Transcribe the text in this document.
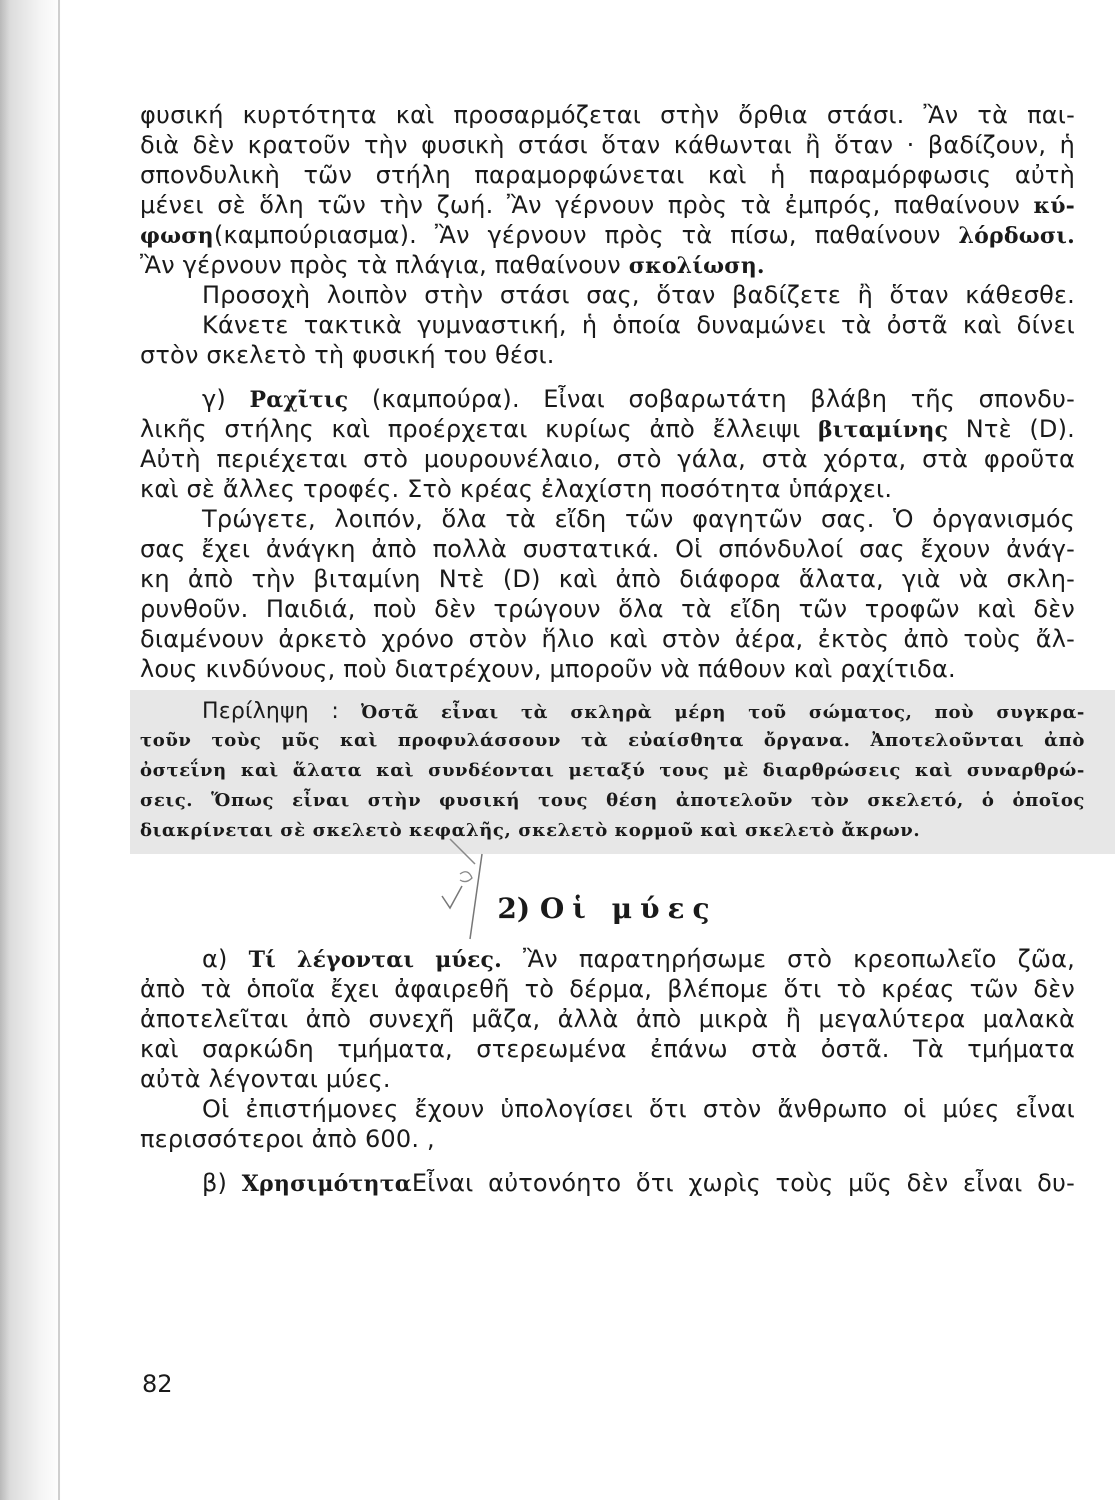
φυσική κυρτότητα καὶ προσαρμόζεται στὴν ὄρθια στάσι. Ἂν τὰ παι-
διὰ δὲν κρατοῦν τὴν φυσικὴ στάσι ὅταν κάθωνται ἢ ὅταν · βαδίζουν, ἡ
σπονδυλικὴ τῶν στήλη παραμορφώνεται καὶ ἡ παραμόρφωσις αὐτὴ
μένει σὲ ὅλη τῶν τὴν ζωή. Ἂν γέρνουν πρὸς τὰ ἐμπρός, παθαίνουν κύ-
φωση(καμπούριασμα). Ἂν γέρνουν πρὸς τὰ πίσω, παθαίνουν λόρδωσι.
Ἂν γέρνουν πρὸς τὰ πλάγια, παθαίνουν σκολίωση.
Προσοχὴ λοιπὸν στὴν στάσι σας, ὅταν βαδίζετε ἢ ὅταν κάθεσθε.
Κάνετε τακτικὰ γυμναστική, ἡ ὁποία δυναμώνει τὰ ὀστᾶ καὶ δίνει
στὸν σκελετὸ τὴ φυσική του θέσι.
γ) Ραχῖτις (καμπούρα). Εἶναι σοβαρωτάτη βλάβη τῆς σπονδυ-
λικῆς στήλης καὶ προέρχεται κυρίως ἀπὸ ἔλλειψι βιταμίνης Ντὲ (D).
Αὐτὴ περιέχεται στὸ μουρουνέλαιο, στὸ γάλα, στὰ χόρτα, στὰ φροῦτα
καὶ σὲ ἄλλες τροφές. Στὸ κρέας ἐλαχίστη ποσότητα ὑπάρχει.
Τρώγετε, λοιπόν, ὅλα τὰ εἴδη τῶν φαγητῶν σας. Ὁ ὀργανισμός
σας ἔχει ἀνάγκη ἀπὸ πολλὰ συστατικά. Οἱ σπόνδυλοί σας ἔχουν ἀνάγ-
κη ἀπὸ τὴν βιταμίνη Ντὲ (D) καὶ ἀπὸ διάφορα ἅλατα, γιὰ νὰ σκλη-
ρυνθοῦν. Παιδιά, ποὺ δὲν τρώγουν ὅλα τὰ εἴδη τῶν τροφῶν καὶ δὲν
διαμένουν ἀρκετὸ χρόνο στὸν ἥλιο καὶ στὸν ἀέρα, ἐκτὸς ἀπὸ τοὺς ἄλ-
λους κινδύνους, ποὺ διατρέχουν, μποροῦν νὰ πάθουν καὶ ραχίτιδα.
Περίληψη : Ὀστᾶ εἶναι τὰ σκληρὰ μέρη τοῦ σώματος, ποὺ συγκρα-
τοῦν τοὺς μῦς καὶ προφυλάσσουν τὰ εὐαίσθητα ὄργανα. Ἀποτελοῦνται ἀπὸ
ὀστεΐνη καὶ ἅλατα καὶ συνδέονται μεταξύ τους μὲ διαρθρώσεις καὶ συναρθρώ-
σεις. Ὅπως εἶναι στὴν φυσική τους θέση ἀποτελοῦν τὸν σκελετό, ὁ ὁποῖος
διακρίνεται σὲ σκελετὸ κεφαλῆς, σκελετὸ κορμοῦ καὶ σκελετὸ ἄκρων.
2) Οἱ μύες
α) Τί λέγονται μύες. Ἂν παρατηρήσωμε στὸ κρεοπωλεῖο ζῶα,
ἀπὸ τὰ ὁποῖα ἔχει ἀφαιρεθῆ τὸ δέρμα, βλέπομε ὅτι τὸ κρέας τῶν δὲν
ἀποτελεῖται ἀπὸ συνεχῆ μᾶζα, ἀλλὰ ἀπὸ μικρὰ ἢ μεγαλύτερα μαλακὰ
καὶ σαρκώδη τμήματα, στερεωμένα ἐπάνω στὰ ὀστᾶ. Τὰ τμήματα
αὐτὰ λέγονται μύες.
Οἱ ἐπιστήμονες ἔχουν ὑπολογίσει ὅτι στὸν ἄνθρωπο οἱ μύες εἶναι
περισσότεροι ἀπὸ 600. ,
β) ΧρησιμότηταΕἶναι αὐτονόητο ὅτι χωρὶς τοὺς μῦς δὲν εἶναι δυ-
82
